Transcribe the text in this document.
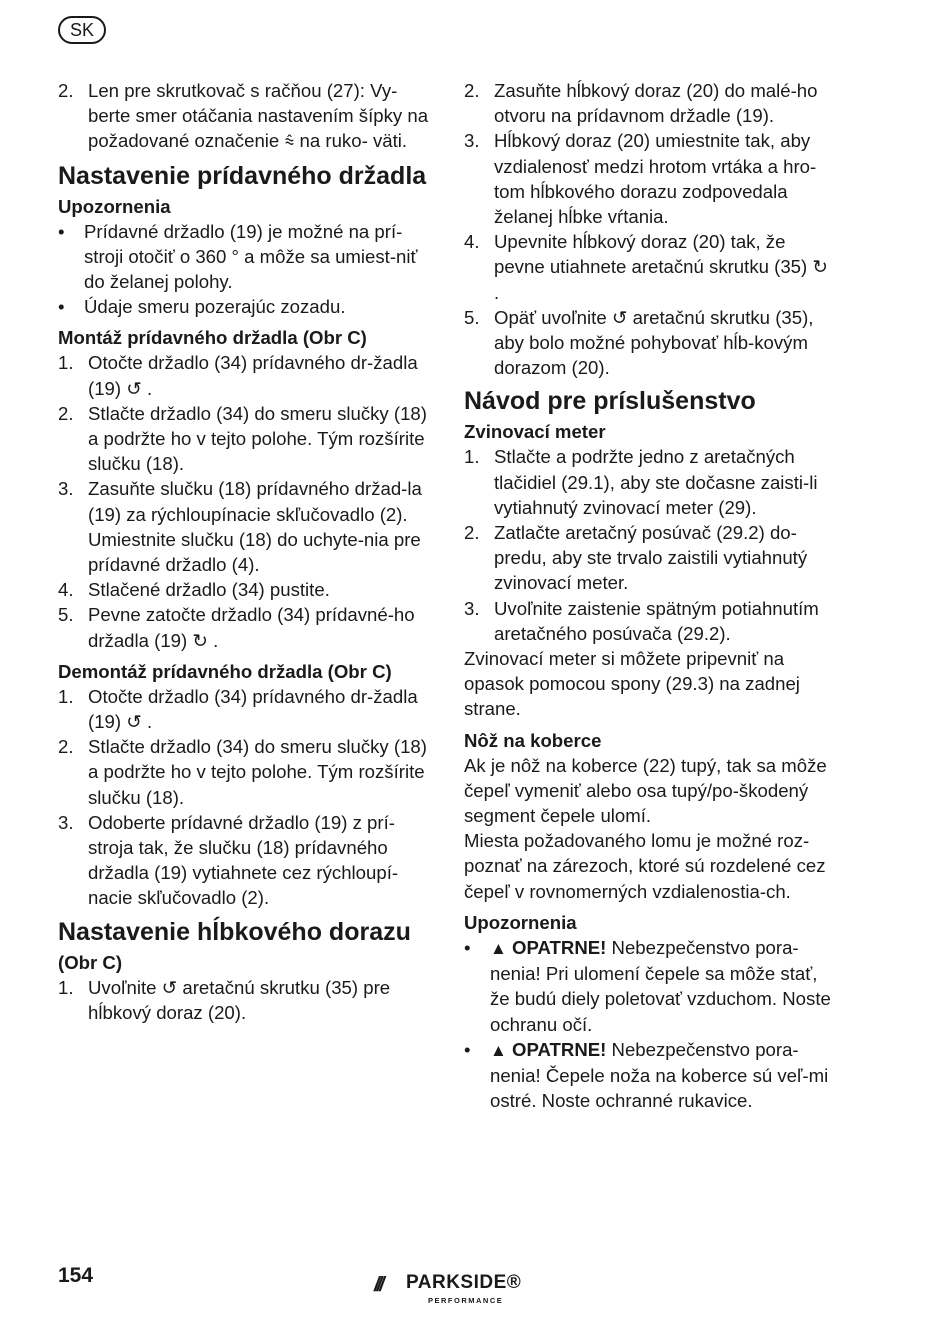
SK
2. Len pre skrutkovač s račňou (27): Vy- berte smer otáčania nastavením šípky na požadované označenie ⩯ na ruko- väti.
Nastavenie prídavného držadla
Upozornenia
•	Prídavné držadlo (19) je možné na prí-stroji otočiť o 360 ° a môže sa umiest-niť do želanej polohy.
•	Údaje smeru pozerajúc zozadu.
Montáž prídavného držadla (Obr C)
1. Otočte držadlo (34) prídavného dr-žadla (19) ↺ .
2. Stlačte držadlo (34) do smeru slučky (18) a podržte ho v tejto polohe. Tým rozšírite slučku (18).
3. Zasuňte slučku (18) prídavného držad-la (19) za rýchloupínacie skľučovadlo (2). Umiestnite slučku (18) do uchyte-nia pre prídavné držadlo (4).
4. Stlačené držadlo (34) pustite.
5. Pevne zatočte držadlo (34) prídavné-ho držadla (19) ↻ .
Demontáž prídavného držadla (Obr C)
1. Otočte držadlo (34) prídavného dr-žadla (19) ↺ .
2. Stlačte držadlo (34) do smeru slučky (18) a podržte ho v tejto polohe. Tým rozšírite slučku (18).
3. Odoberte prídavné držadlo (19) z prí-stroja tak, že slučku (18) prídavného držadla (19) vytiahnete cez rýchloupí-nacie skľučovadlo (2).
Nastavenie hĺbkového dorazu
(Obr C)
1. Uvoľnite ↺ aretačnú skrutku (35) pre hĺbkový doraz (20).
2. Zasuňte hĺbkový doraz (20) do malé-ho otvoru na prídavnom držadle (19).
3. Hĺbkový doraz (20) umiestnite tak, aby vzdialenosť medzi hrotom vrtáka a hro-tom hĺbkového dorazu zodpovedala želanej hĺbke vŕtania.
4. Upevnite hĺbkový doraz (20) tak, že pevne utiahnete aretačnú skrutku (35) ↻ .
5. Opäť uvoľnite ↺ aretačnú skrutku (35), aby bolo možné pohybovať hĺb-kovým dorazom (20).
Návod pre príslušenstvo
Zvinovací meter
1. Stlačte a podržte jedno z aretačných tlačidiel (29.1), aby ste dočasne zaisti-li vytiahnutý zvinovací meter (29).
2. Zatlačte aretačný posúvač (29.2) do-predu, aby ste trvalo zaistili vytiahnutý zvinovací meter.
3. Uvoľnite zaistenie spätným potiahnutím aretačného posúvača (29.2).

Zvinovací meter si môžete pripevniť na opasok pomocou spony (29.3) na zadnej strane.

Nôž na koberce

Ak je nôž na koberce (22) tupý, tak sa môže čepeľ vymeniť alebo osa tupý/po-škodený segment čepele ulomí.

Miesta požadovaného lomu je možné roz-poznať na zárezoch, ktoré sú rozdelené cez čepeľ v rovnomerných vzdialenostia-ch.

Upozornenia
•	▲ OPATRNE! Nebezpečenstvo pora-nenia! Pri ulomení čepele sa môže stať, že budú diely poletovať vzduchom. Noste ochranu očí.
•	▲ OPATRNE! Nebezpečenstvo pora-nenia! Čepele noža na koberce sú veľ-mi ostré. Noste ochranné rukavice.
154	/// PARKSIDE®
PERFORMANCE
